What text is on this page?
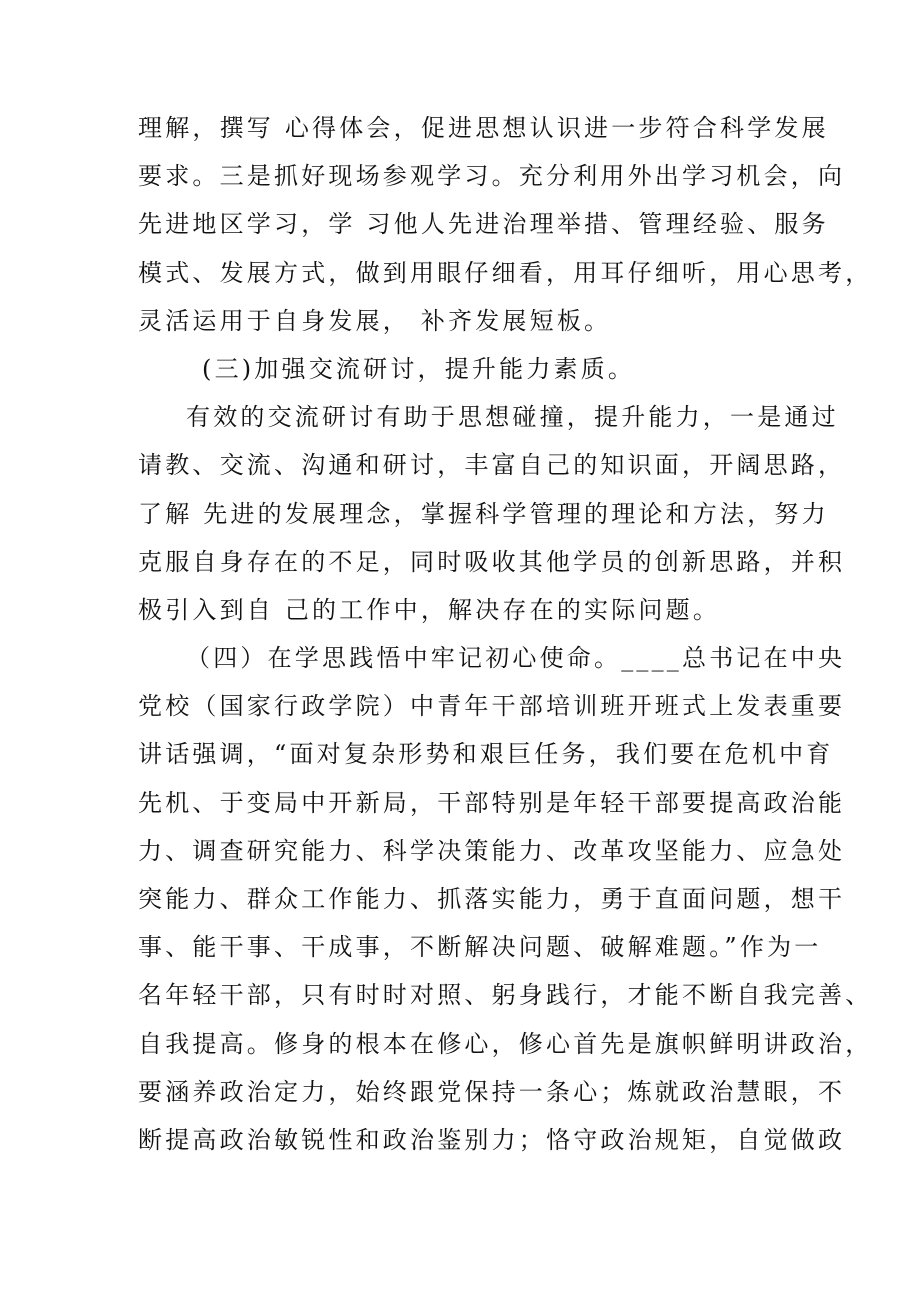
理解，撰写 心得体会，促进思想认识进一步符合科学发展
要求。三是抓好现场参观学习。充分利用外出学习机会，向
先进地区学习，学 习他人先进治理举措、管理经验、服务
模式、发展方式，做到用眼仔细看，用耳仔细听，用心思考，
灵活运用于自身发展， 补齐发展短板。
(三)加强交流研讨，提升能力素质。
有效的交流研讨有助于思想碰撞，提升能力，一是通过
请教、交流、沟通和研讨，丰富自己的知识面，开阔思路，
了解 先进的发展理念，掌握科学管理的理论和方法，努力
克服自身存在的不足，同时吸收其他学员的创新思路，并积
极引入到自 己的工作中，解决存在的实际问题。
（四）在学思践悟中牢记初心使命。____总书记在中央
党校（国家行政学院）中青年干部培训班开班式上发表重要
讲话强调，“面对复杂形势和艰巨任务，我们要在危机中育
先机、于变局中开新局，干部特别是年轻干部要提高政治能
力、调查研究能力、科学决策能力、改革攻坚能力、应急处
突能力、群众工作能力、抓落实能力，勇于直面问题，想干
事、能干事、干成事，不断解决问题、破解难题。”作为一
名年轻干部，只有时时对照、躬身践行，才能不断自我完善、
自我提高。修身的根本在修心，修心首先是旗帜鲜明讲政治，
要涵养政治定力，始终跟党保持一条心；炼就政治慧眼，不
断提高政治敏锐性和政治鉴别力；恪守政治规矩，自觉做政
